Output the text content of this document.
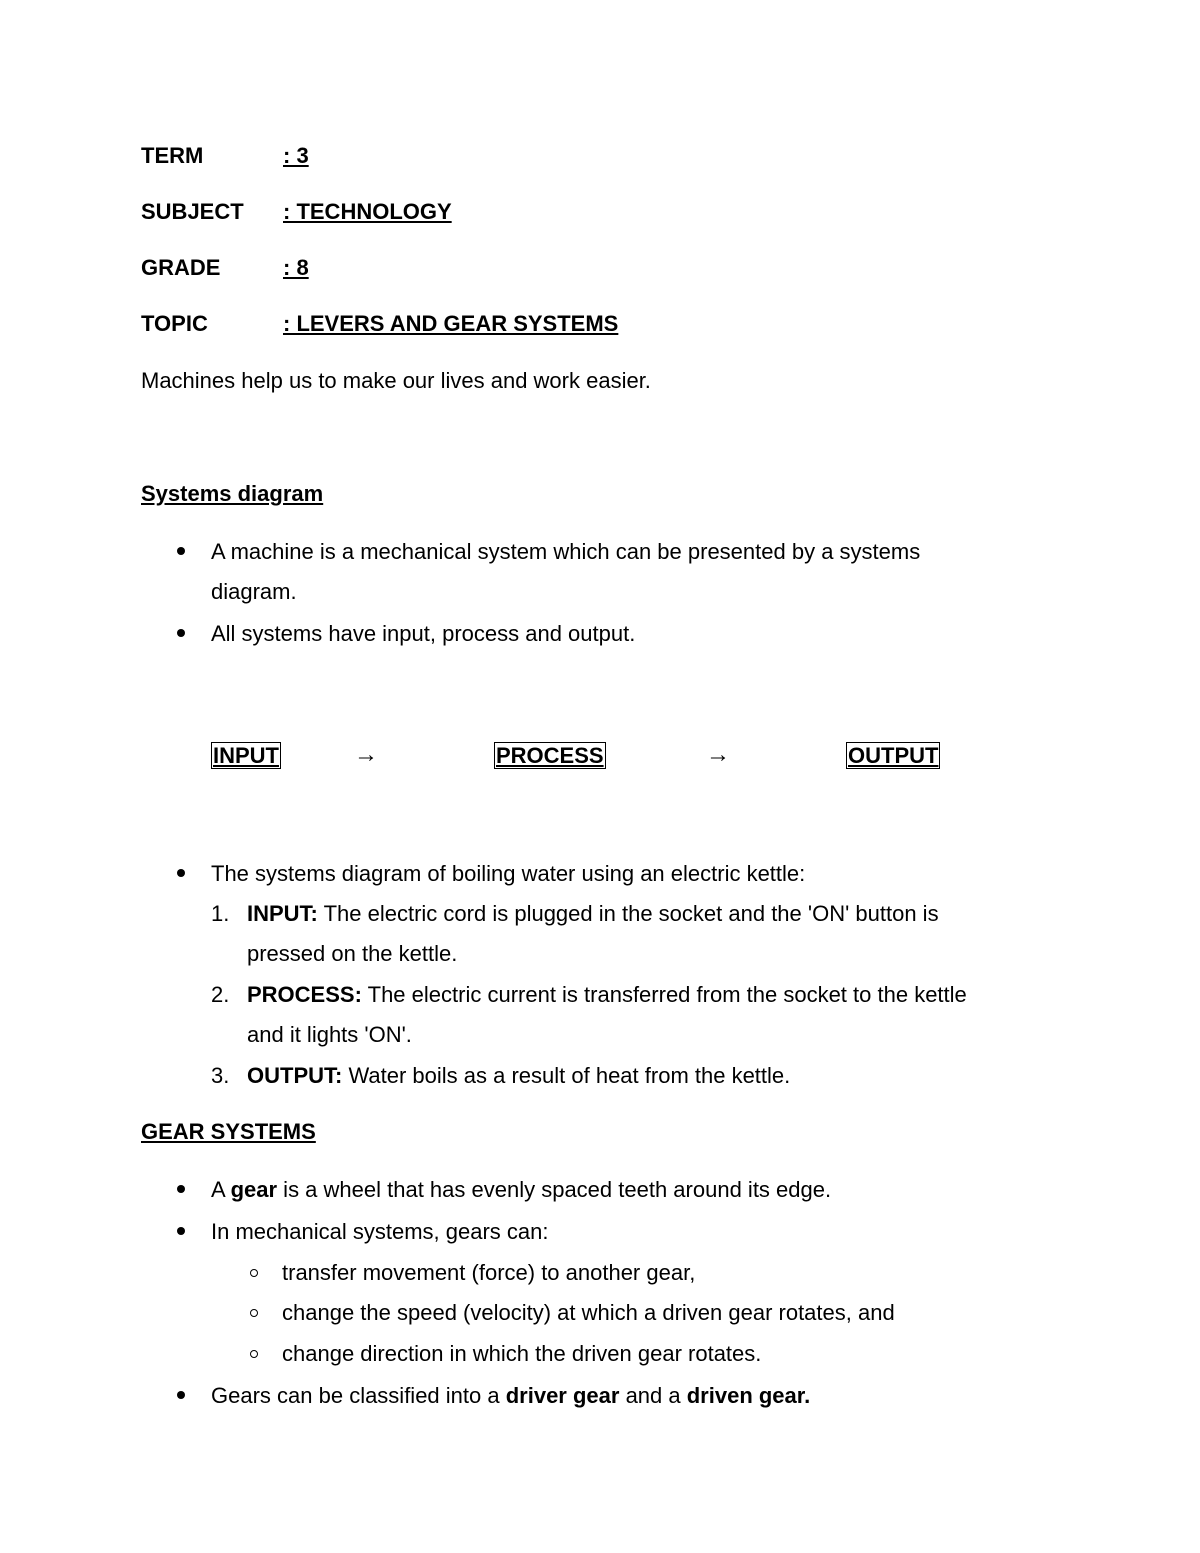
TERM	: 3
SUBJECT : TECHNOLOGY
GRADE	: 8
TOPIC	: LEVERS AND GEAR SYSTEMS
Machines help us to make our lives and work easier.
Systems diagram
A machine is a mechanical system which can be presented by a systems
diagram.
All systems have input, process and output.
INPUT	→	PROCESS	→	OUTPUT
The systems diagram of boiling water using an electric kettle:
1. INPUT: The electric cord is plugged in the socket and the 'ON' button is
pressed on the kettle.
2. PROCESS: The electric current is transferred from the socket to the kettle
and it lights 'ON'.
3. OUTPUT: Water boils as a result of heat from the kettle.
GEAR SYSTEMS
A gear is a wheel that has evenly spaced teeth around its edge.
In mechanical systems, gears can:
transfer movement (force) to another gear,
change the speed (velocity) at which a driven gear rotates, and
change direction in which the driven gear rotates.
Gears can be classified into a driver gear and a driven gear.
